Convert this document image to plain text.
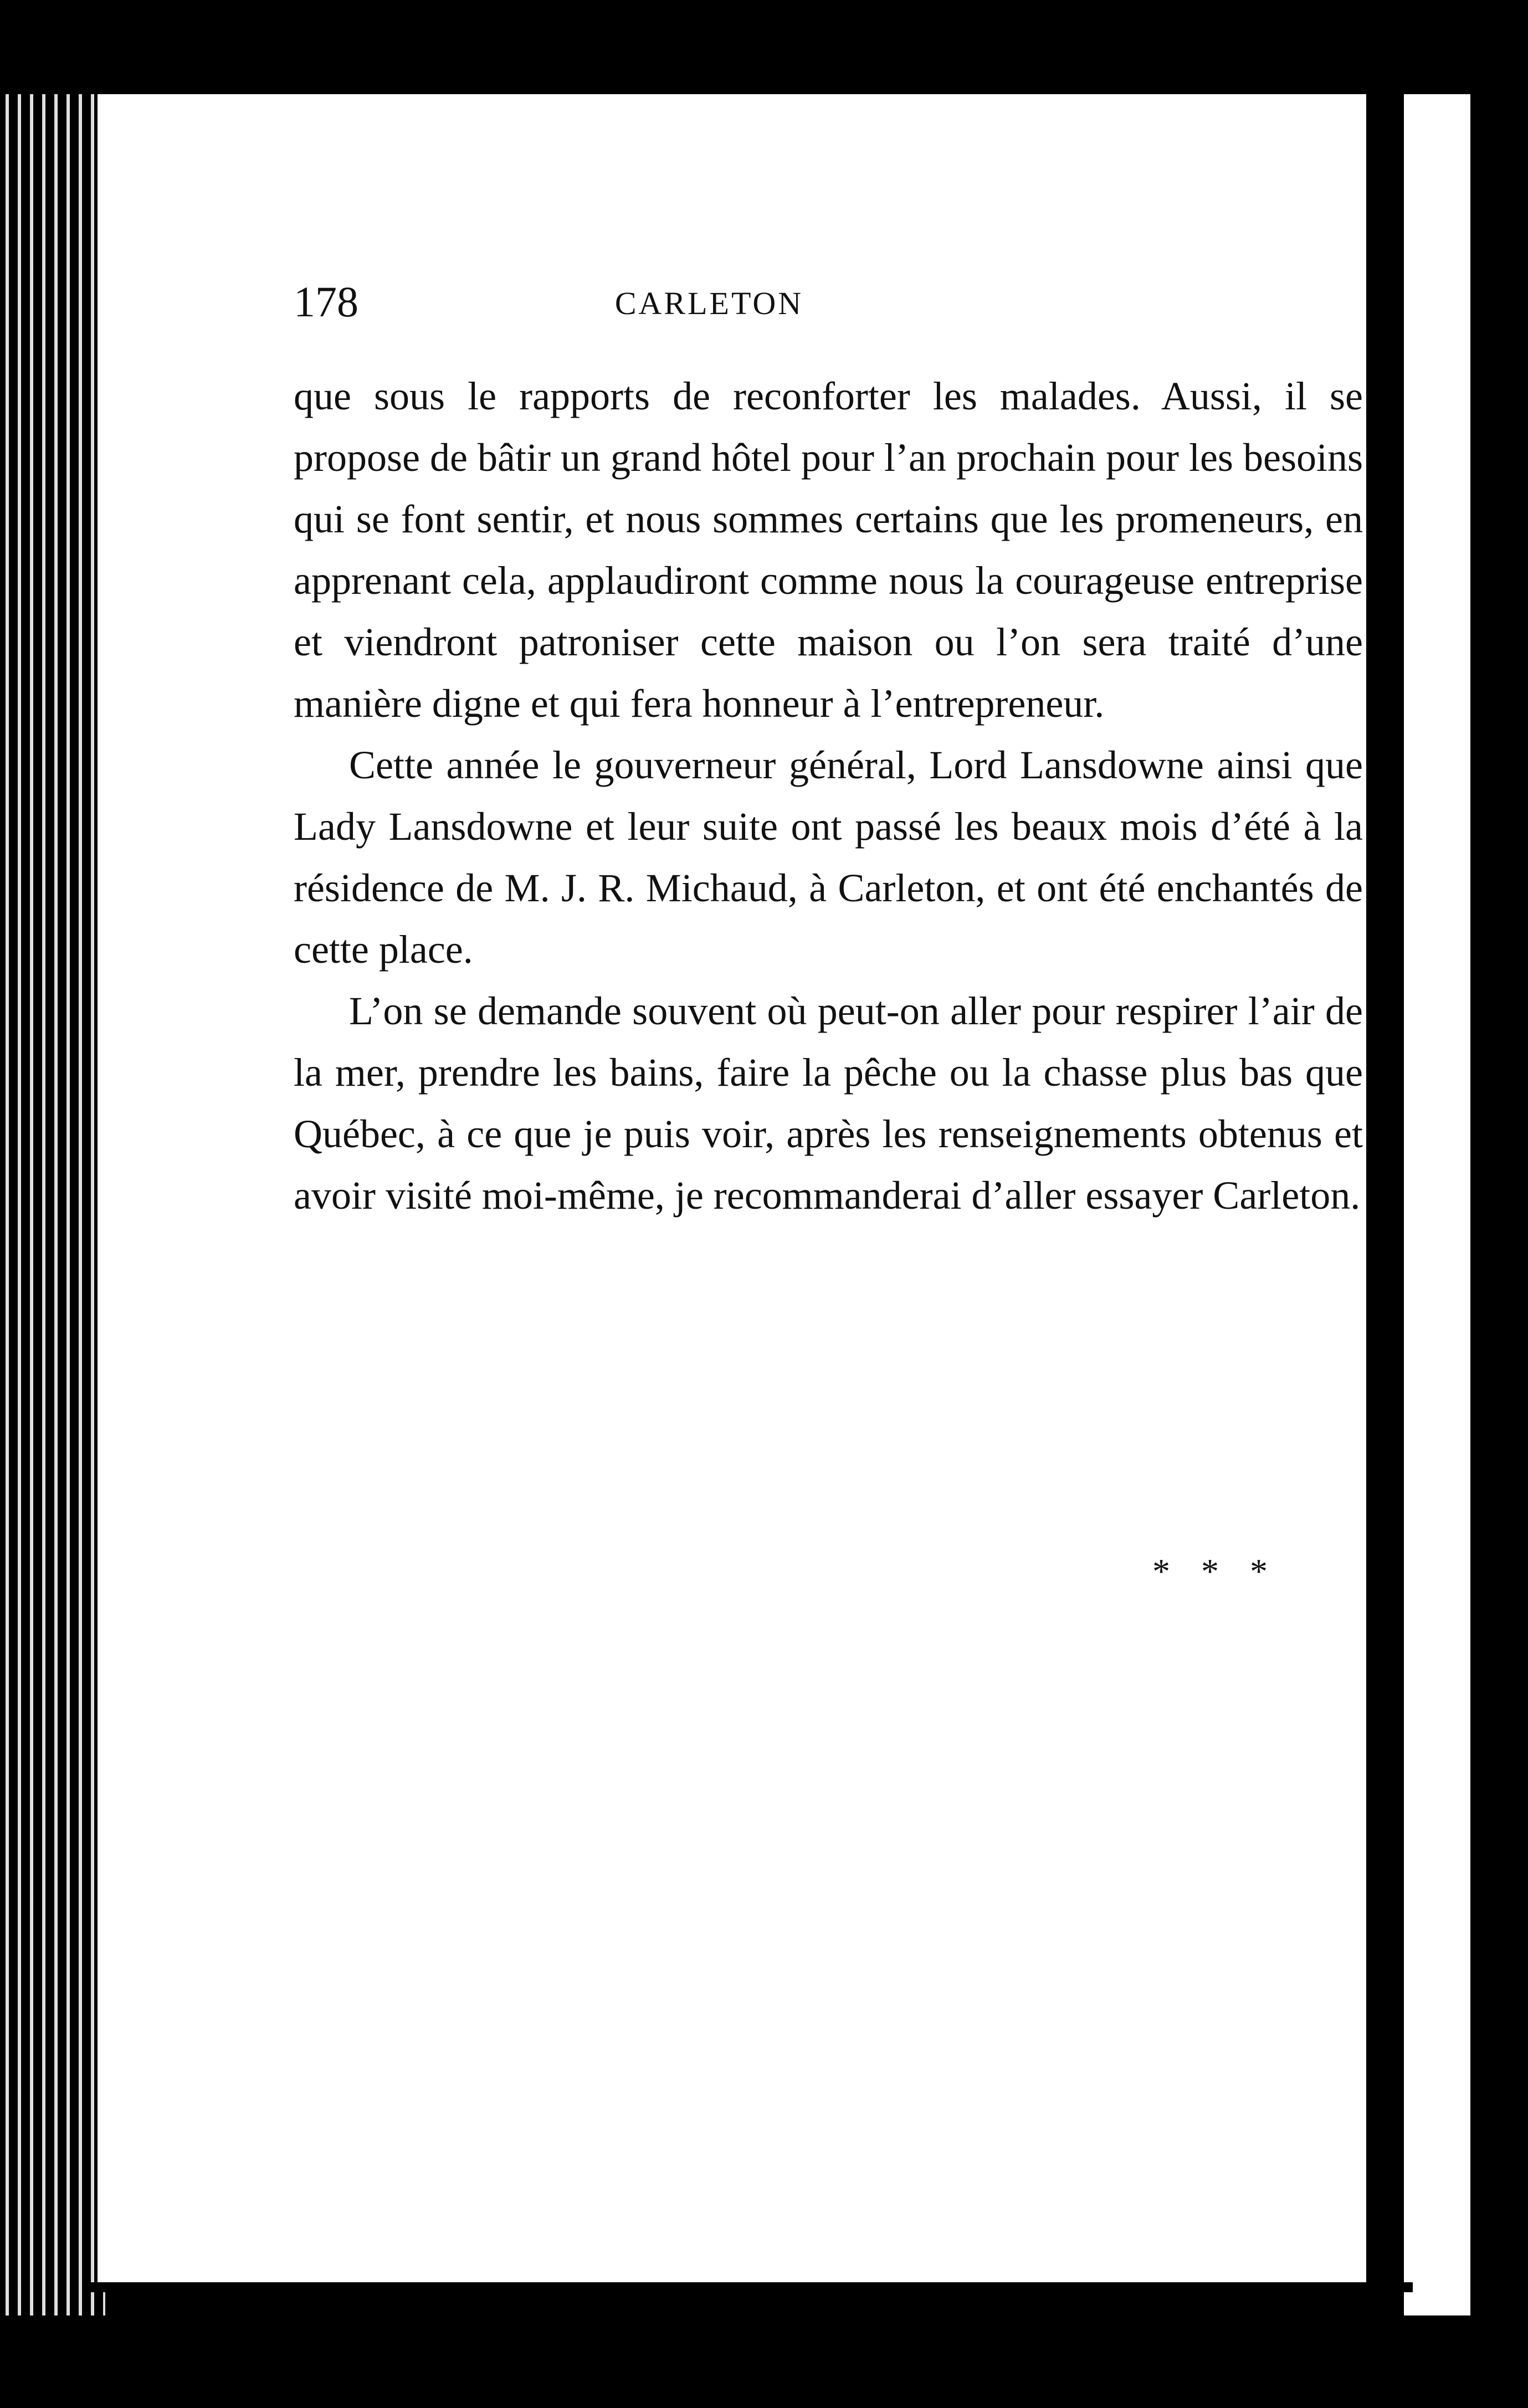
178	CARLETON

que sous le rapports de reconforter les malades. Aussi, il se propose de bâtir un grand hôtel pour l’an prochain pour les besoins qui se font sentir, et nous sommes certains que les promeneurs, en apprenant cela, applaudiront comme nous la courageuse entreprise et viendront patroniser cette maison ou l’on sera traité d’une manière digne et qui fera honneur à l’entrepreneur.

Cette année le gouverneur général, Lord Lansdowne ainsi que Lady Lansdowne et leur suite ont passé les beaux mois d’été à la résidence de M. J. R. Michaud, à Carleton, et ont été enchantés de cette place.

L’on se demande souvent où peut-on aller pour respirer l’air de la mer, prendre les bains, faire la pêche ou la chasse plus bas que Québec, à ce que je puis voir, après les renseignements obtenus et avoir visité moi-même, je recommanderai d’aller essayer Carleton.

* * *
